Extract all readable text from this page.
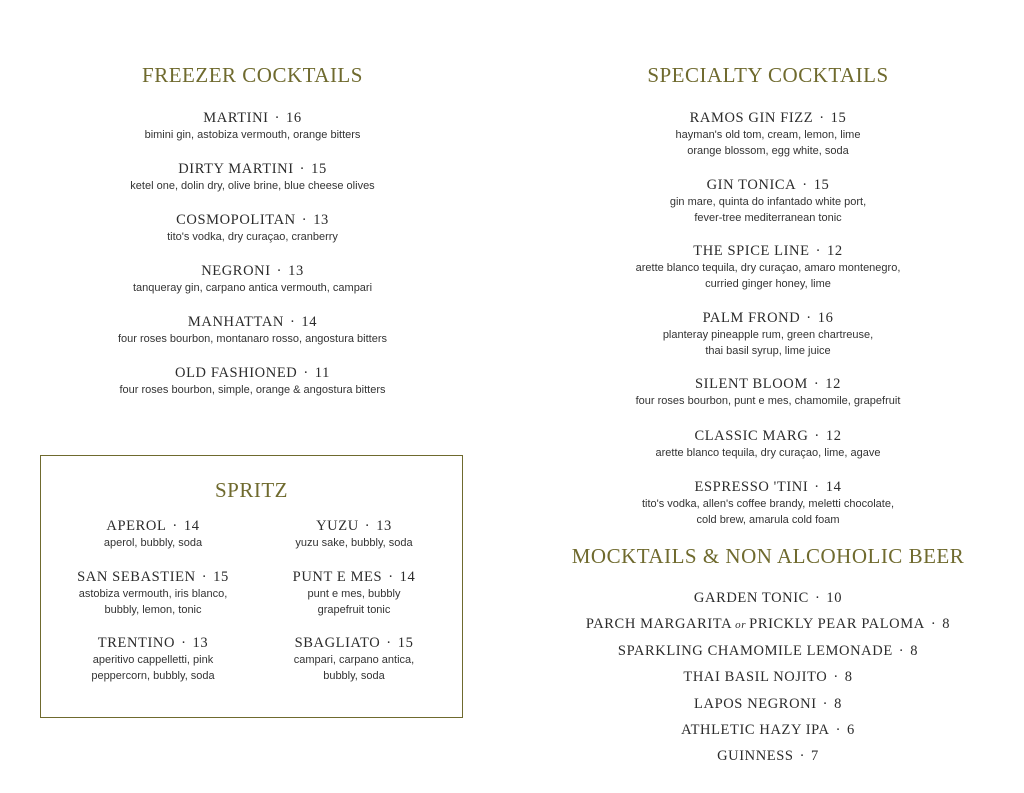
FREEZER COCKTAILS
MARTINI · 16
bimini gin, astobiza vermouth, orange bitters
DIRTY MARTINI · 15
ketel one, dolin dry, olive brine, blue cheese olives
COSMOPOLITAN · 13
tito's vodka, dry curaçao, cranberry
NEGRONI · 13
tanqueray gin, carpano antica vermouth, campari
MANHATTAN · 14
four roses bourbon, montanaro rosso, angostura bitters
OLD FASHIONED · 11
four roses bourbon, simple, orange & angostura bitters
SPRITZ
APEROL · 14
aperol, bubbly, soda
YUZU · 13
yuzu sake, bubbly, soda
SAN SEBASTIEN · 15
astobiza vermouth, iris blanco,
bubbly, lemon, tonic
PUNT E MES · 14
punt e mes, bubbly
grapefruit tonic
TRENTINO · 13
aperitivo cappelletti, pink
peppercorn, bubbly, soda
SBAGLIATO · 15
campari, carpano antica,
bubbly, soda
SPECIALTY COCKTAILS
RAMOS GIN FIZZ · 15
hayman's old tom, cream, lemon, lime
orange blossom, egg white, soda
GIN TONICA · 15
gin mare, quinta do infantado white port,
fever-tree mediterranean tonic
THE SPICE LINE · 12
arette blanco tequila, dry curaçao, amaro montenegro,
curried ginger honey, lime
PALM FROND · 16
planteray pineapple rum, green chartreuse,
thai basil syrup, lime juice
SILENT BLOOM · 12
four roses bourbon, punt e mes, chamomile, grapefruit
CLASSIC MARG · 12
arette blanco tequila, dry curaçao, lime, agave
ESPRESSO 'TINI · 14
tito's vodka, allen's coffee brandy, meletti chocolate,
cold brew, amarula cold foam
MOCKTAILS & NON ALCOHOLIC BEER
GARDEN TONIC · 10
PARCH MARGARITA or PRICKLY PEAR PALOMA · 8
SPARKLING CHAMOMILE LEMONADE · 8
THAI BASIL NOJITO · 8
LAPOS NEGRONI · 8
ATHLETIC HAZY IPA · 6
GUINNESS · 7
